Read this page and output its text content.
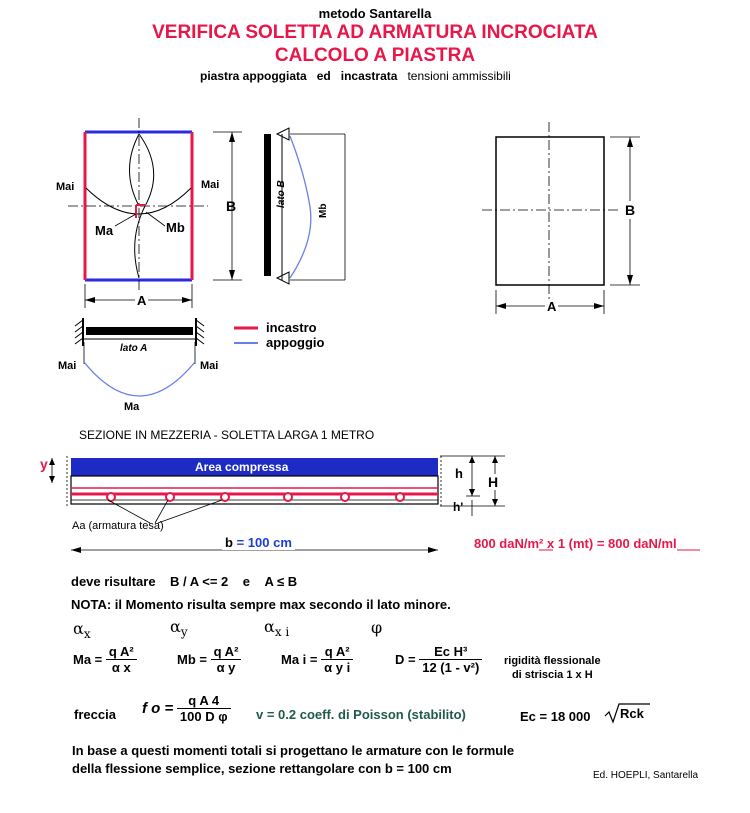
metodo Santarella
VERIFICA SOLETTA AD ARMATURA INCROCIATA
CALCOLO A PIASTRA
piastra appoggiata ed incastrata tensioni ammissibili
Mai	Mai
Ma	Mb
B
A
lato B
Mb
lato A
Mai	Mai
Ma
incastro
appoggio
B
A
SEZIONE IN MEZZERIA - SOLETTA LARGA 1 METRO
Area compressa
y
h
H
h'
Aa (armatura tesa)
b = 100 cm	800 daN/m² x 1 (mt) = 800 daN/ml
deve risultare B / A <= 2 e A ≤ B
NOTA: il Momento risulta sempre max secondo il lato minore.
$\alpha_x$	$\alpha_y$	$\alpha_{x i}$	φ
$Ma = \frac{\text{q A²}}{\text{α x}}$	$Mb = \frac{\text{q A²}}{\text{α y}}$	Ma $i = \frac{\text{q A²}}{\text{α y i}}$	$D = \frac{\text{Ec H³}}{\text{12 (1 - v²)}}$ rigidità flessionale
di striscia 1 x H
freccia f $o = \frac{\text{q A 4}}{\text{100 D φ}}$ v = 0.2 coeff. di Poisson (stabilito)	Ec = 18 000 Rck
In base a questi momenti totali si progettano le armature con le formule
della flessione semplice, sezione rettangolare con b = 100 cm	Ed. HOEPLI, Santarella
